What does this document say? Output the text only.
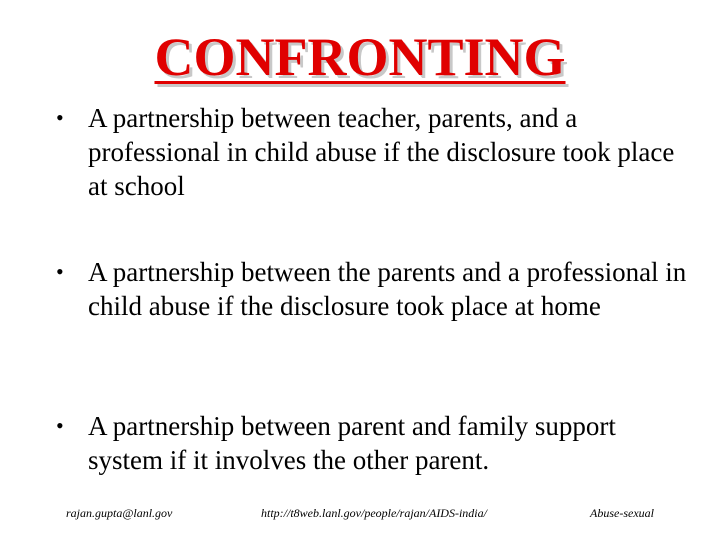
CONFRONTING
• A partnership between teacher, parents, and a professional in child abuse if the disclosure took place at school
• A partnership between the parents and a professional in child abuse if the disclosure took place at home
• A partnership between parent and family support system if it involves the other parent.
rajan.gupta@lanl.gov	http://t8web.lanl.gov/people/rajan/AIDS-india/	Abuse-sexual
